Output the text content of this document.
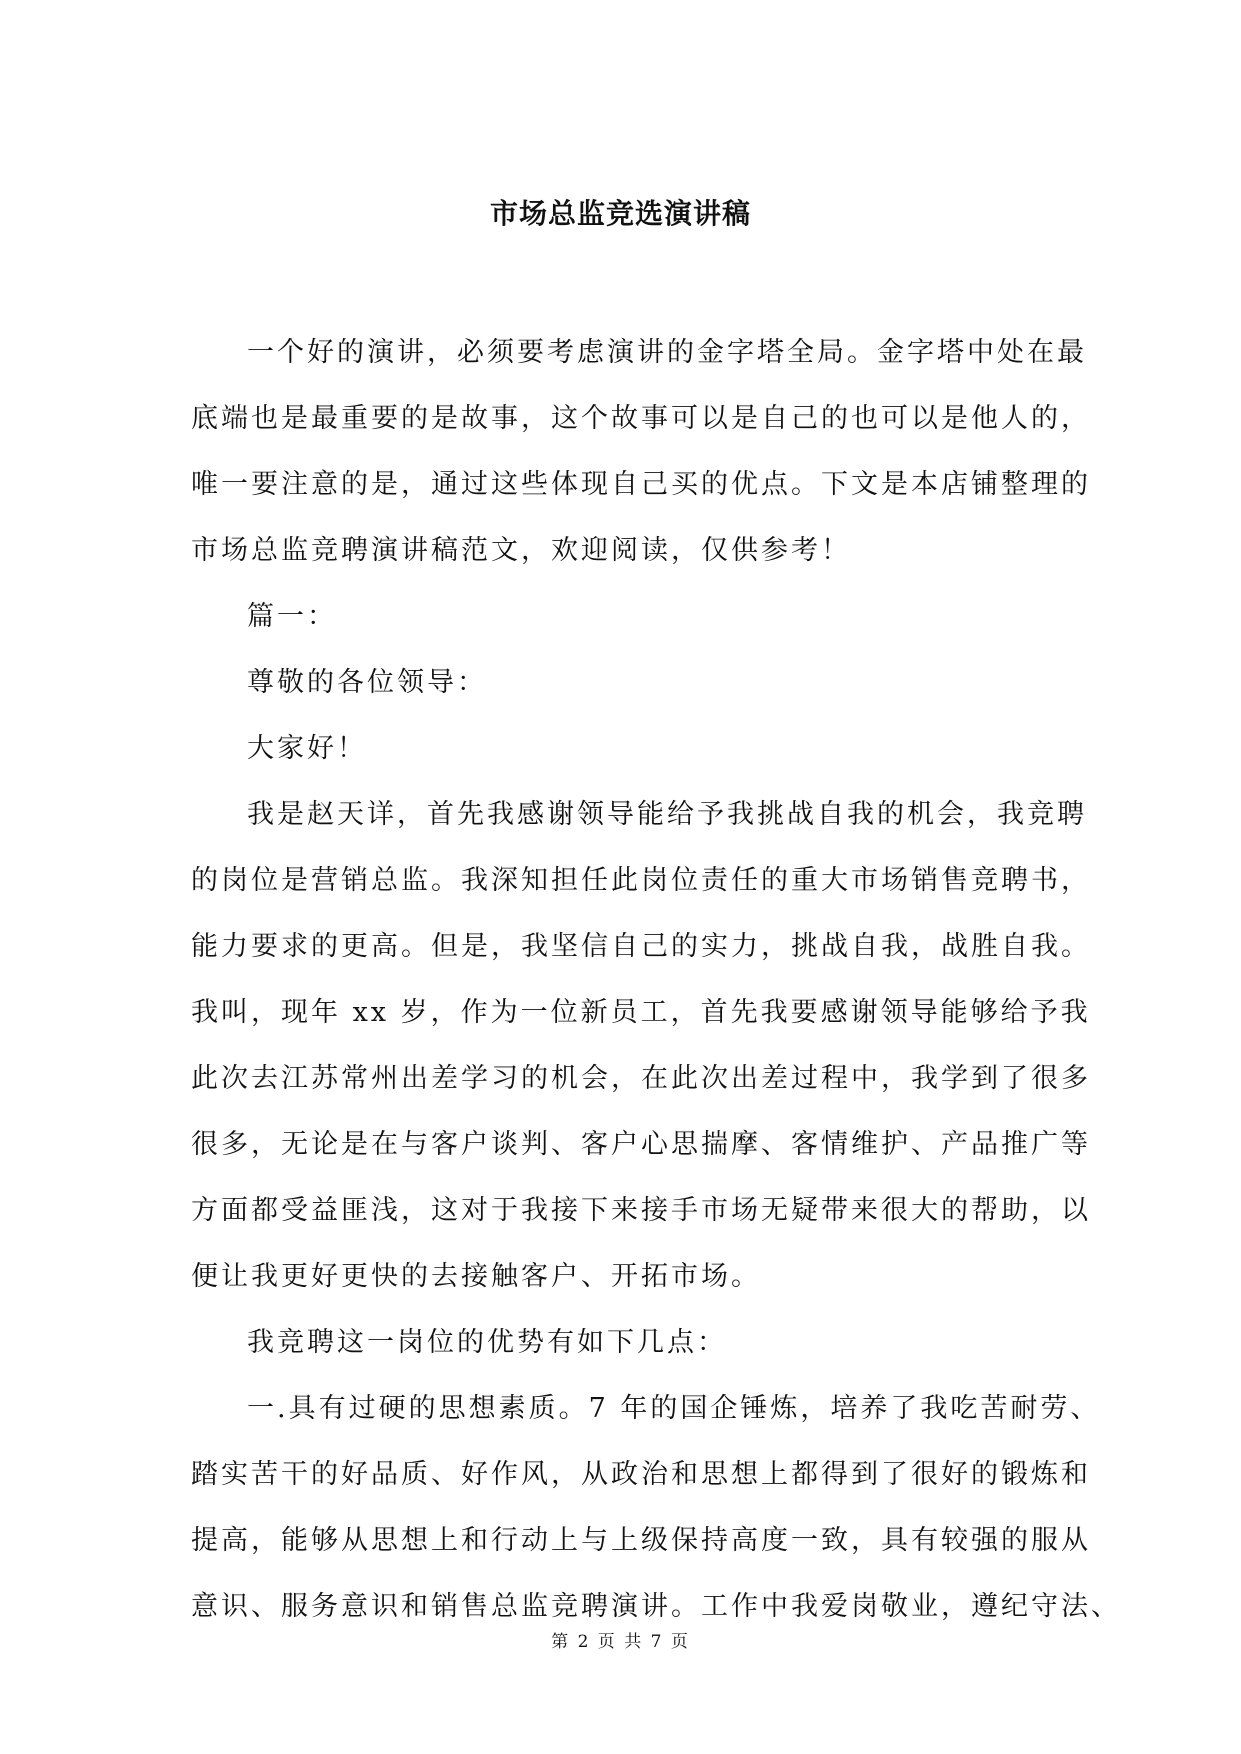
市场总监竞选演讲稿

一个好的演讲，必须要考虑演讲的金字塔全局。金字塔中处在最
底端也是最重要的是故事，这个故事可以是自己的也可以是他人的，
唯一要注意的是，通过这些体现自己买的优点。下文是本店铺整理的
市场总监竞聘演讲稿范文，欢迎阅读，仅供参考！

篇一：

尊敬的各位领导：

大家好！

我是赵天详，首先我感谢领导能给予我挑战自我的机会，我竞聘
的岗位是营销总监。我深知担任此岗位责任的重大市场销售竞聘书，
能力要求的更高。但是，我坚信自己的实力，挑战自我，战胜自我。
我叫，现年 xx 岁，作为一位新员工，首先我要感谢领导能够给予我
此次去江苏常州出差学习的机会，在此次出差过程中，我学到了很多
很多，无论是在与客户谈判、客户心思揣摩、客情维护、产品推广等
方面都受益匪浅，这对于我接下来接手市场无疑带来很大的帮助，以
便让我更好更快的去接触客户、开拓市场。

我竞聘这一岗位的优势有如下几点：

一.具有过硬的思想素质。7 年的国企锤炼，培养了我吃苦耐劳、
踏实苦干的好品质、好作风，从政治和思想上都得到了很好的锻炼和
提高，能够从思想上和行动上与上级保持高度一致，具有较强的服从
意识、服务意识和销售总监竞聘演讲。工作中我爱岗敬业，遵纪守法、

第 2 页 共 7 页
